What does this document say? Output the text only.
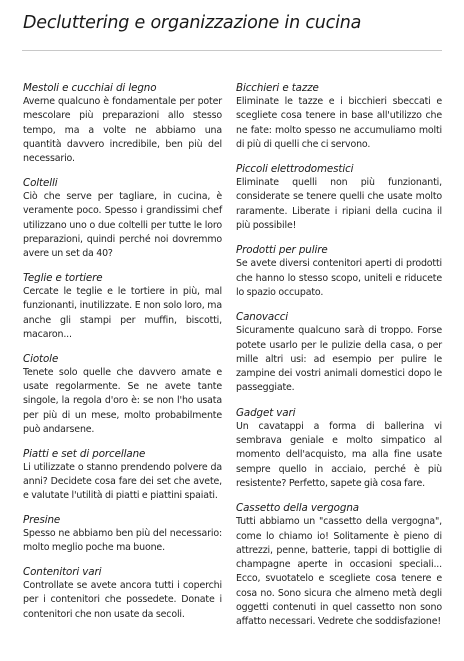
Decluttering e organizzazione in cucina
Mestoli e cucchiai di legno
Averne qualcuno è fondamentale per poter mescolare più preparazioni allo stesso tempo, ma a volte ne abbiamo una quantità davvero incredibile, ben più del necessario.
Coltelli
Ciò che serve per tagliare, in cucina, è veramente poco. Spesso i grandissimi chef utilizzano uno o due coltelli per tutte le loro preparazioni, quindi perché noi dovremmo avere un set da 40?
Teglie e tortiere
Cercate le teglie e le tortiere in più, mal funzionanti, inutilizzate. E non solo loro, ma anche gli stampi per muffin, biscotti, macaron...
Ciotole
Tenete solo quelle che davvero amate e usate regolarmente. Se ne avete tante singole, la regola d'oro è: se non l'ho usata per più di un mese, molto probabilmente può andarsene.
Piatti e set di porcellane
Li utilizzate o stanno prendendo polvere da anni? Decidete cosa fare dei set che avete, e valutate l'utilità di piatti e piattini spaiati.
Presine
Spesso ne abbiamo ben più del necessario: molto meglio poche ma buone.
Contenitori vari
Controllate se avete ancora tutti i coperchi per i contenitori che possedete. Donate i contenitori che non usate da secoli.
Bicchieri e tazze
Eliminate le tazze e i bicchieri sbeccati e scegliete cosa tenere in base all'utilizzo che ne fate: molto spesso ne accumuliamo molti di più di quelli che ci servono.
Piccoli elettrodomestici
Eliminate quelli non più funzionanti, considerate se tenere quelli che usate molto raramente. Liberate i ripiani della cucina il più possibile!
Prodotti per pulire
Se avete diversi contenitori aperti di prodotti che hanno lo stesso scopo, uniteli e riducete lo spazio occupato.
Canovacci
Sicuramente qualcuno sarà di troppo. Forse potete usarlo per le pulizie della casa, o per mille altri usi: ad esempio per pulire le zampine dei vostri animali domestici dopo le passeggiate.
Gadget vari
Un cavatappi a forma di ballerina vi sembrava geniale e molto simpatico al momento dell'acquisto, ma alla fine usate sempre quello in acciaio, perché è più resistente? Perfetto, sapete già cosa fare.
Cassetto della vergogna
Tutti abbiamo un "cassetto della vergogna", come lo chiamo io! Solitamente è pieno di attrezzi, penne, batterie, tappi di bottiglie di champagne aperte in occasioni speciali... Ecco, svuotatelo e scegliete cosa tenere e cosa no. Sono sicura che almeno metà degli oggetti contenuti in quel cassetto non sono affatto necessari. Vedrete che soddisfazione!
